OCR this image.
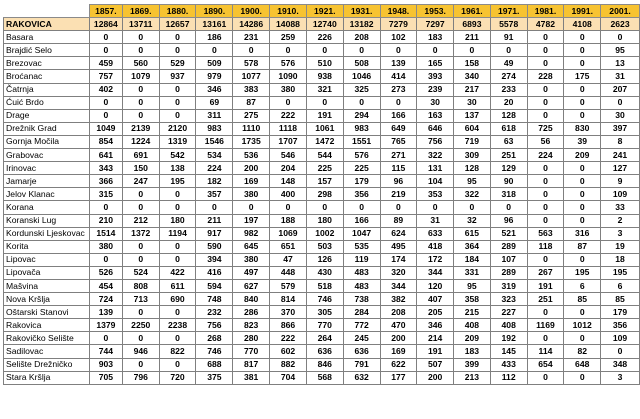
	1857.	1869.	1880.	1890.	1900.	1910.	1921.	1931.	1948.	1953.	1961.	1971.	1981.	1991.	2001.
RAKOVICA	12864	13711	12657	13161	14286	14088	12740	13182	7279	7297	6893	5578	4782	4108	2623
Basara	0	0	0	186	231	259	226	208	102	183	211	91	0	0	0
Brajdić Selo	0	0	0	0	0	0	0	0	0	0	0	0	0	0	95
Brezovac	459	560	529	509	578	576	510	508	139	165	158	49	0	0	13
Broćanac	757	1079	937	979	1077	1090	938	1046	414	393	340	274	228	175	31
Čatrnja	402	0	0	346	383	380	321	325	273	239	217	233	0	0	207
Ćuić Brdo	0	0	0	69	87	0	0	0	0	30	30	20	0	0	0
Drage	0	0	0	311	275	222	191	294	166	163	137	128	0	0	30
Drežnik Grad	1049	2139	2120	983	1110	1118	1061	983	649	646	604	618	725	830	397
Gornja Močila	854	1224	1319	1546	1735	1707	1472	1551	765	756	719	63	56	39	8
Grabovac	641	691	542	534	536	546	544	576	271	322	309	251	224	209	241
Irinovac	343	150	138	224	200	204	225	225	115	131	128	129	0	0	127
Jamarje	366	247	195	182	169	148	157	179	96	104	95	90	0	0	9
Jelov Klanac	315	0	0	357	380	400	298	356	219	353	322	318	0	0	109
Korana	0	0	0	0	0	0	0	0	0	0	0	0	0	0	33
Koranski Lug	210	212	180	211	197	188	180	166	89	31	32	96	0	0	2
Kordunski Ljeskovac	1514	1372	1194	917	982	1069	1002	1047	624	633	615	521	563	316	3
Korita	380	0	0	590	645	651	503	535	495	418	364	289	118	87	19
Lipovac	0	0	0	394	380	47	126	119	174	172	184	107	0	0	18
Lipovača	526	524	422	416	497	448	430	483	320	344	331	289	267	195	195
Mašvina	454	808	611	594	627	579	518	483	344	120	95	319	191	6	6
Nova Kršlja	724	713	690	748	840	814	746	738	382	407	358	323	251	85	85
Oštarski Stanovi	139	0	0	232	286	370	305	284	208	205	215	227	0	0	179
Rakovica	1379	2250	2238	756	823	866	770	772	470	346	408	408	1169	1012	356
Rakovičko Selište	0	0	0	268	280	222	264	245	200	214	209	192	0	0	109
Sadilovac	744	946	822	746	770	602	636	636	169	191	183	145	114	82	0
Selište Drežničko	903	0	0	688	817	882	846	791	622	507	399	433	654	648	348
Stara Kršlja	705	796	720	375	381	704	568	632	177	200	213	112	0	0	3
